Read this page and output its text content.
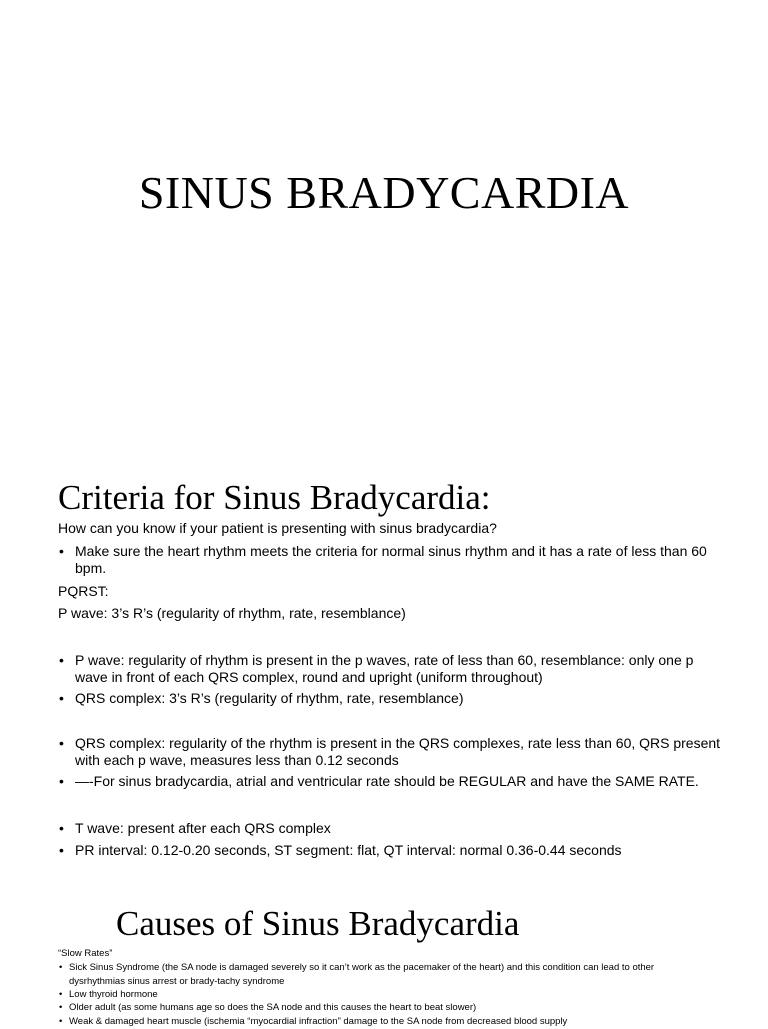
SINUS BRADYCARDIA
Criteria for Sinus Bradycardia:

How can you know if your patient is presenting with sinus bradycardia?

• Make sure the heart rhythm meets the criteria for normal sinus rhythm and it has a rate of less than 60 bpm.

PQRST:

P wave: 3’s R’s (regularity of rhythm, rate, resemblance)

• P wave: regularity of rhythm is present in the p waves, rate of less than 60, resemblance: only one p wave in front of each QRS complex, round and upright (uniform throughout)

• QRS complex: 3’s R’s (regularity of rhythm, rate, resemblance)

• QRS complex: regularity of the rhythm is present in the QRS complexes, rate less than 60, QRS present with each p wave, measures less than 0.12 seconds

• —-For sinus bradycardia, atrial and ventricular rate should be REGULAR and have the SAME RATE.

• T wave: present after each QRS complex

• PR interval: 0.12-0.20 seconds, ST segment: flat, QT interval: normal 0.36-0.44 seconds

Causes of Sinus Bradycardia

“Slow Rates”

• Sick Sinus Syndrome (the SA node is damaged severely so it can’t work as the pacemaker of the heart) and this condition can lead to other dysrhythmias sinus arrest or brady-tachy syndrome

• Low thyroid hormone

• Older adult (as some humans age so does the SA node and this causes the heart to beat slower)

• Weak & damaged heart muscle (ischemia “myocardial infraction” damage to the SA node from decreased blood supply
